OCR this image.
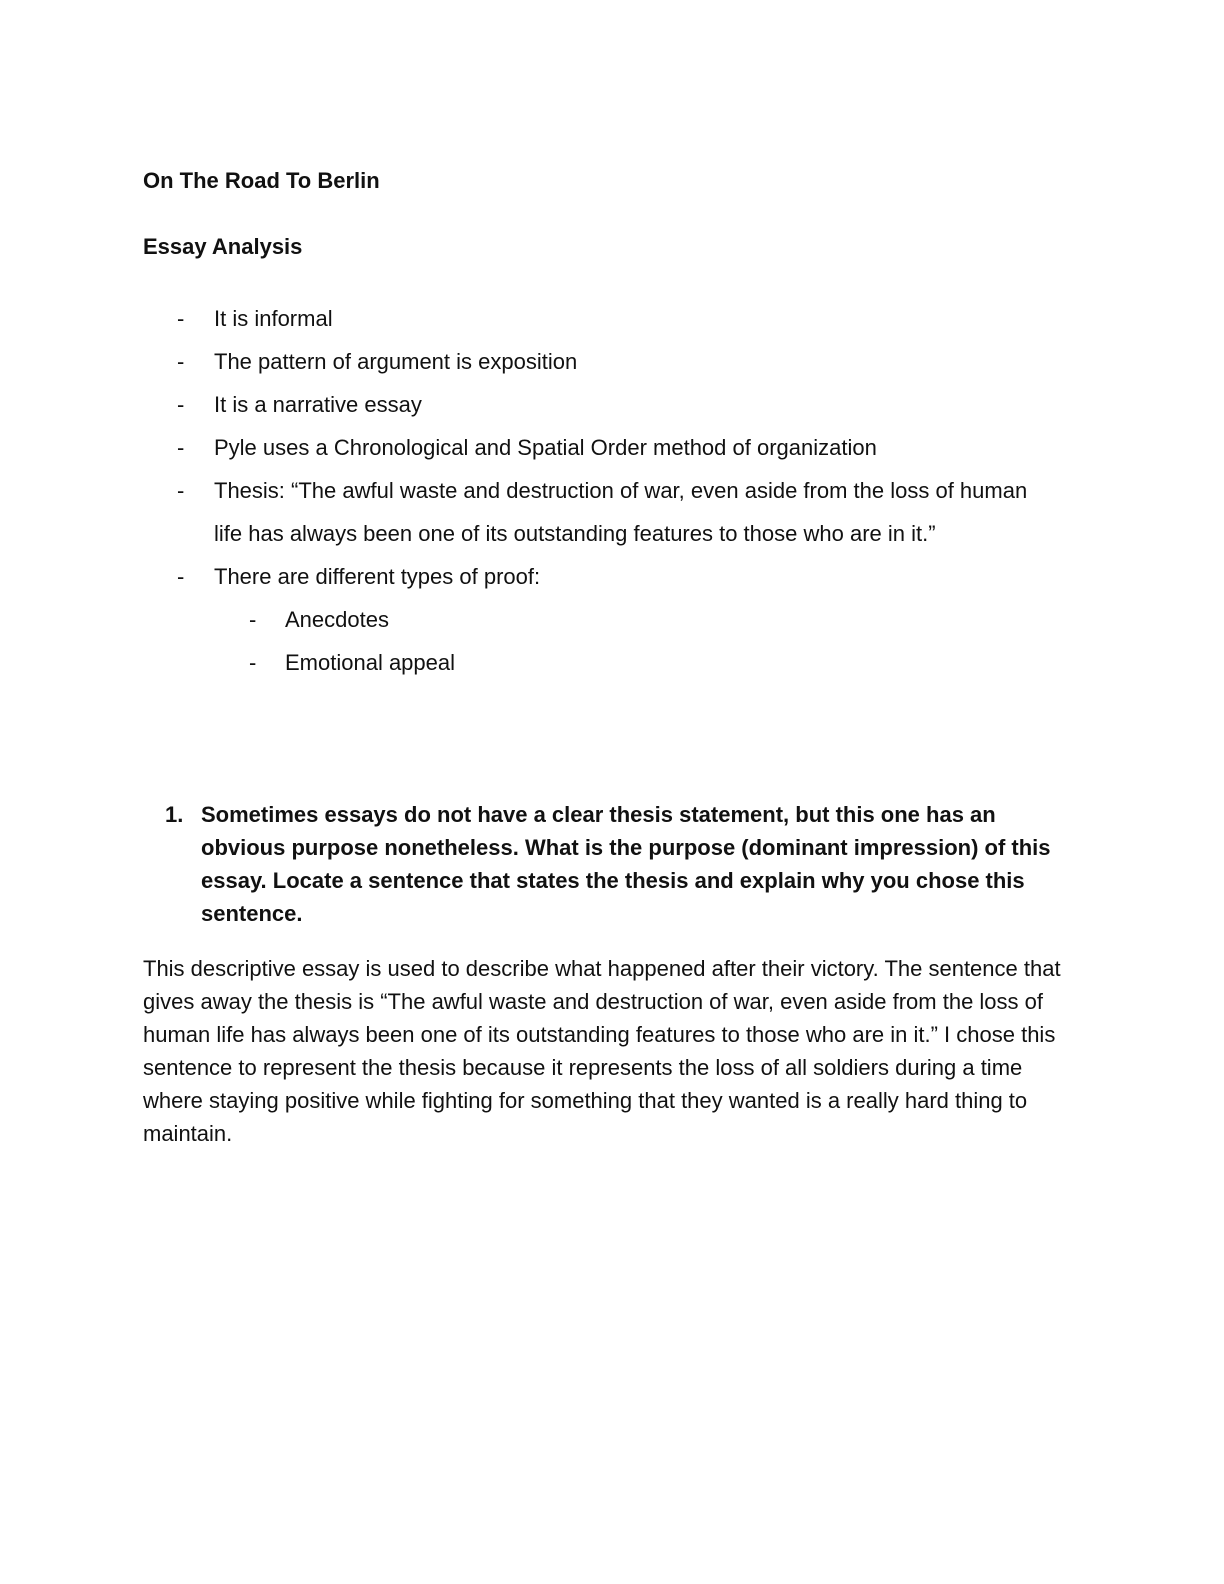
On The Road To Berlin
Essay Analysis
- It is informal
- The pattern of argument is exposition
- It is a narrative essay
- Pyle uses a Chronological and Spatial Order method of organization
- Thesis: “The awful waste and destruction of war, even aside from the loss of human life has always been one of its outstanding features to those who are in it.”
- There are different types of proof:
- Anecdotes
- Emotional appeal
1. Sometimes essays do not have a clear thesis statement, but this one has an obvious purpose nonetheless. What is the purpose (dominant impression) of this essay. Locate a sentence that states the thesis and explain why you chose this sentence.

This descriptive essay is used to describe what happened after their victory. The sentence that gives away the thesis is “The awful waste and destruction of war, even aside from the loss of human life has always been one of its outstanding features to those who are in it.” I chose this sentence to represent the thesis because it represents the loss of all soldiers during a time where staying positive while fighting for something that they wanted is a really hard thing to maintain.
